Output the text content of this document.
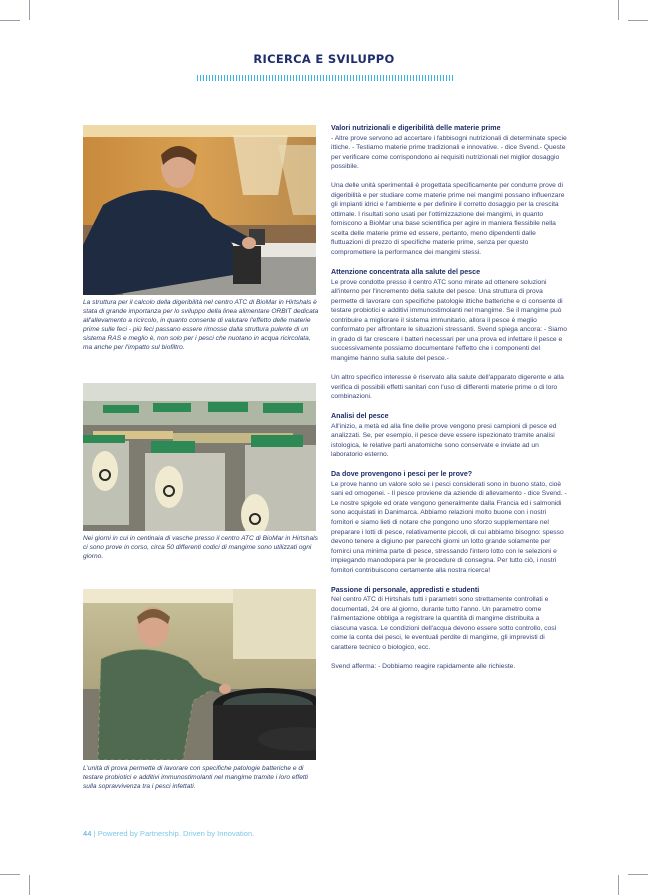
RICERCA E SVILUPPO

La struttura per il calcolo della digeribilità nel centro ATC di BioMar in Hirtshals è stata di grande importanza per lo sviluppo della linea alimentare ORBIT dedicata all'allevamento a ricircolo, in quanto consente di valutare l'effetto delle materie prime sulle feci - più feci passano essere rimosse dalla struttura pulente di un sistema RAS e meglio è, non solo per i pesci che nuotano in acqua ricircolata, ma anche per l'impatto sul biofiltro.

Nei giorni in cui in centinaia di vasche presso il centro ATC di BioMar in Hirtshals ci sono prove in corso, circa 50 differenti codici di mangime sono utilizzati ogni giorno.

L'unità di prova permette di lavorare con specifiche patologie batteriche e di testare probiotici e additivi immunostimolanti nel mangime tramite i loro effetti sulla sopravvivenza tra i pesci infettati.

Valori nutrizionali e digeribilità delle materie prime

- Altre prove servono ad accertare i fabbisogni nutrizionali di determinate specie ittiche. - Testiamo materie prime tradizionali e innovative. - dice Svend.- Queste per verificare come corrispondono ai requisiti nutrizionali nel miglior dosaggio possibile.

Una delle unità sperimentali è progettata specificamente per condurre prove di digeribilità e per studiare come materie prime nei mangimi possano influenzare gli impianti idrici e l'ambiente e per definire il corretto dosaggio per la crescita ottimale. I risultati sono usati per l'ottimizzazione dei mangimi, in quanto forniscono a BioMar una base scientifica per agire in maniera flessibile nella scelta delle materie prime ed essere, pertanto, meno dipendenti dalle fluttuazioni di prezzo di specifiche materie prime, senza per questo compromettere la performance dei mangimi stessi.

Attenzione concentrata alla salute del pesce

Le prove condotte presso il centro ATC sono mirate ad ottenere soluzioni all'interno per l'incremento della salute del pesce. Una struttura di prova permette di lavorare con specifiche patologie ittiche batteriche e ci consente di testare probiotici e additivi immunostimolanti nel mangime. Se il mangime può contribuire a migliorare il sistema immunitario, allora il pesce è meglio conformato per affrontare le situazioni stressanti. Svend spiega ancora: - Siamo in grado di far crescere i batteri necessari per una prova ed infettare il pesce e successivamente possiamo documentare l'effetto che i componenti del mangime hanno sulla salute del pesce.-

Un altro specifico interesse è riservato alla salute dell'apparato digerente e alla verifica di possibili effetti sanitari con l'uso di differenti materie prime o di loro combinazioni.

Analisi del pesce

All'inizio, a metà ed alla fine delle prove vengono presi campioni di pesce ed analizzati. Se, per esempio, il pesce deve essere ispezionato tramite analisi istologica, le relative parti anatomiche sono conservate e inviate ad un laboratorio esterno.

Da dove provengono i pesci per le prove?

Le prove hanno un valore solo se i pesci considerati sono in buono stato, cioè sani ed omogenei. - Il pesce proviene da aziende di allevamento - dice Svend. - Le nostre spigole ed orate vengono generalmente dalla Francia ed i salmonidi sono acquistati in Danimarca. Abbiamo relazioni molto buone con i nostri fornitori e siamo lieti di notare che pongono uno sforzo supplementare nel preparare i lotti di pesce, relativamente piccoli, di cui abbiamo bisogno: spesso devono tenere a digiuno per parecchi giorni un lotto grande solamente per fornirci una minima parte di pesce, stressando l'intero lotto con le selezioni e impiegando manodopera per le procedure di consegna. Per tutto ciò, i nostri fornitori contribuiscono certamente alla nostra ricerca!

Passione di personale, appredisti e studenti

Nel centro ATC di Hirtshals tutti i parametri sono strettamente controllati e documentati, 24 ore al giorno, durante tutto l'anno. Un parametro come l'alimentazione obbliga a registrare la quantità di mangime distribuita a ciascuna vasca. Le condizioni dell'acqua devono essere sotto controllo, così come la conta dei pesci, le eventuali perdite di mangime, gli imprevisti di carattere tecnico o biologico, ecc.

Svend afferma: - Dobbiamo reagire rapidamente alle richieste.

44 | Powered by Partnership. Driven by Innovation.
